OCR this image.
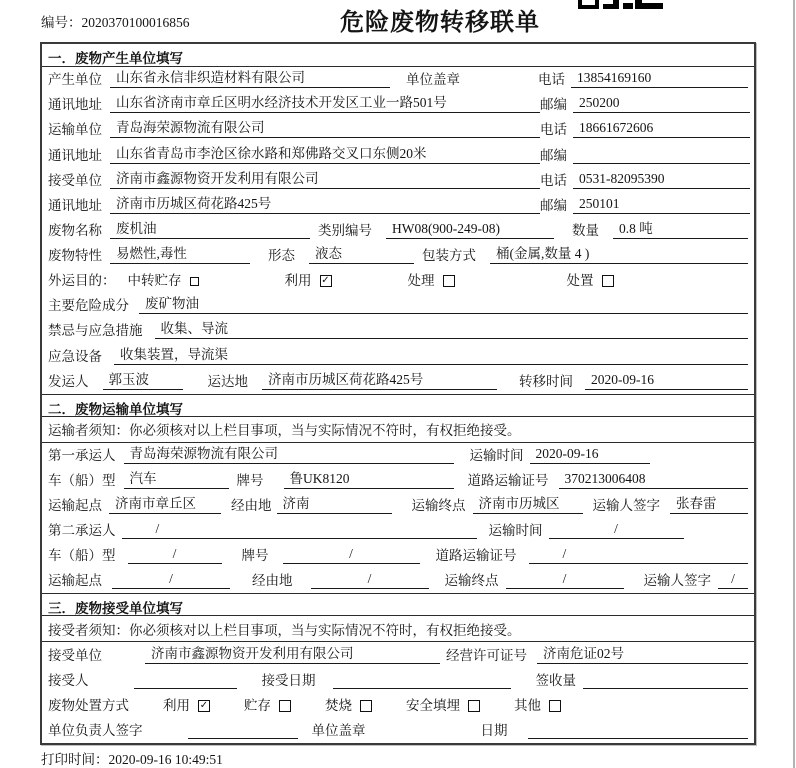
编号：2020370100016856	危险废物转移联单
一．废物产生单位填写
产生单位	山东省永信非织造材料有限公司	单位盖章	电话 13854169160
通讯地址	山东省济南市章丘区明水经济技术开发区工业一路501号	邮编 250200
运输单位	青岛海荣源物流有限公司	电话 18661672606
通讯地址	山东省青岛市李沧区徐水路和郑佛路交叉口东侧20米	邮编
接受单位	济南市鑫源物资开发利用有限公司	电话 0531-82095390
通讯地址	济南市历城区荷花路425号	邮编 250101
废物名称	废机油	类别编号	HW08(900-249-08)	数量	0.8 吨
废物特性	易燃性,毒性	形态	液态	包装方式	桶(金属,数量 4 )
外运目的： 中转贮存	利用 ✓	处理	处置
主要危险成分	废矿物油
禁忌与应急措施	收集、导流
应急设备	收集装置，导流渠
发运人	郭玉波	运达地	济南市历城区荷花路425号	转移时间	2020-09-16
二．废物运输单位填写
运输者须知：你必须核对以上栏目事项，当与实际情况不符时，有权拒绝接受。
第一承运人	青岛海荣源物流有限公司	运输时间 2020-09-16
车（船）型	汽车	牌号	鲁UK8120	道路运输证号	370213006408
运输起点 济南市章丘区	经由地 济南	运输终点 济南市历城区	运输人签字	张春雷
第二承运人	/	运输时间	/
车（船）型	/	牌号	/	道路运输证号	/
运输起点	/	经由地	/	运输终点	/	运输人签字	/
三．废物接受单位填写
接受者须知：你必须核对以上栏目事项，当与实际情况不符时，有权拒绝接受。
接受单位	济南市鑫源物资开发利用有限公司	经营许可证号	济南危证02号
接受人	接受日期	签收量
废物处置方式	利用 ✓	贮存	焚烧	安全填埋	其他
单位负责人签字	单位盖章	日期
打印时间：2020-09-16 10:49:51
